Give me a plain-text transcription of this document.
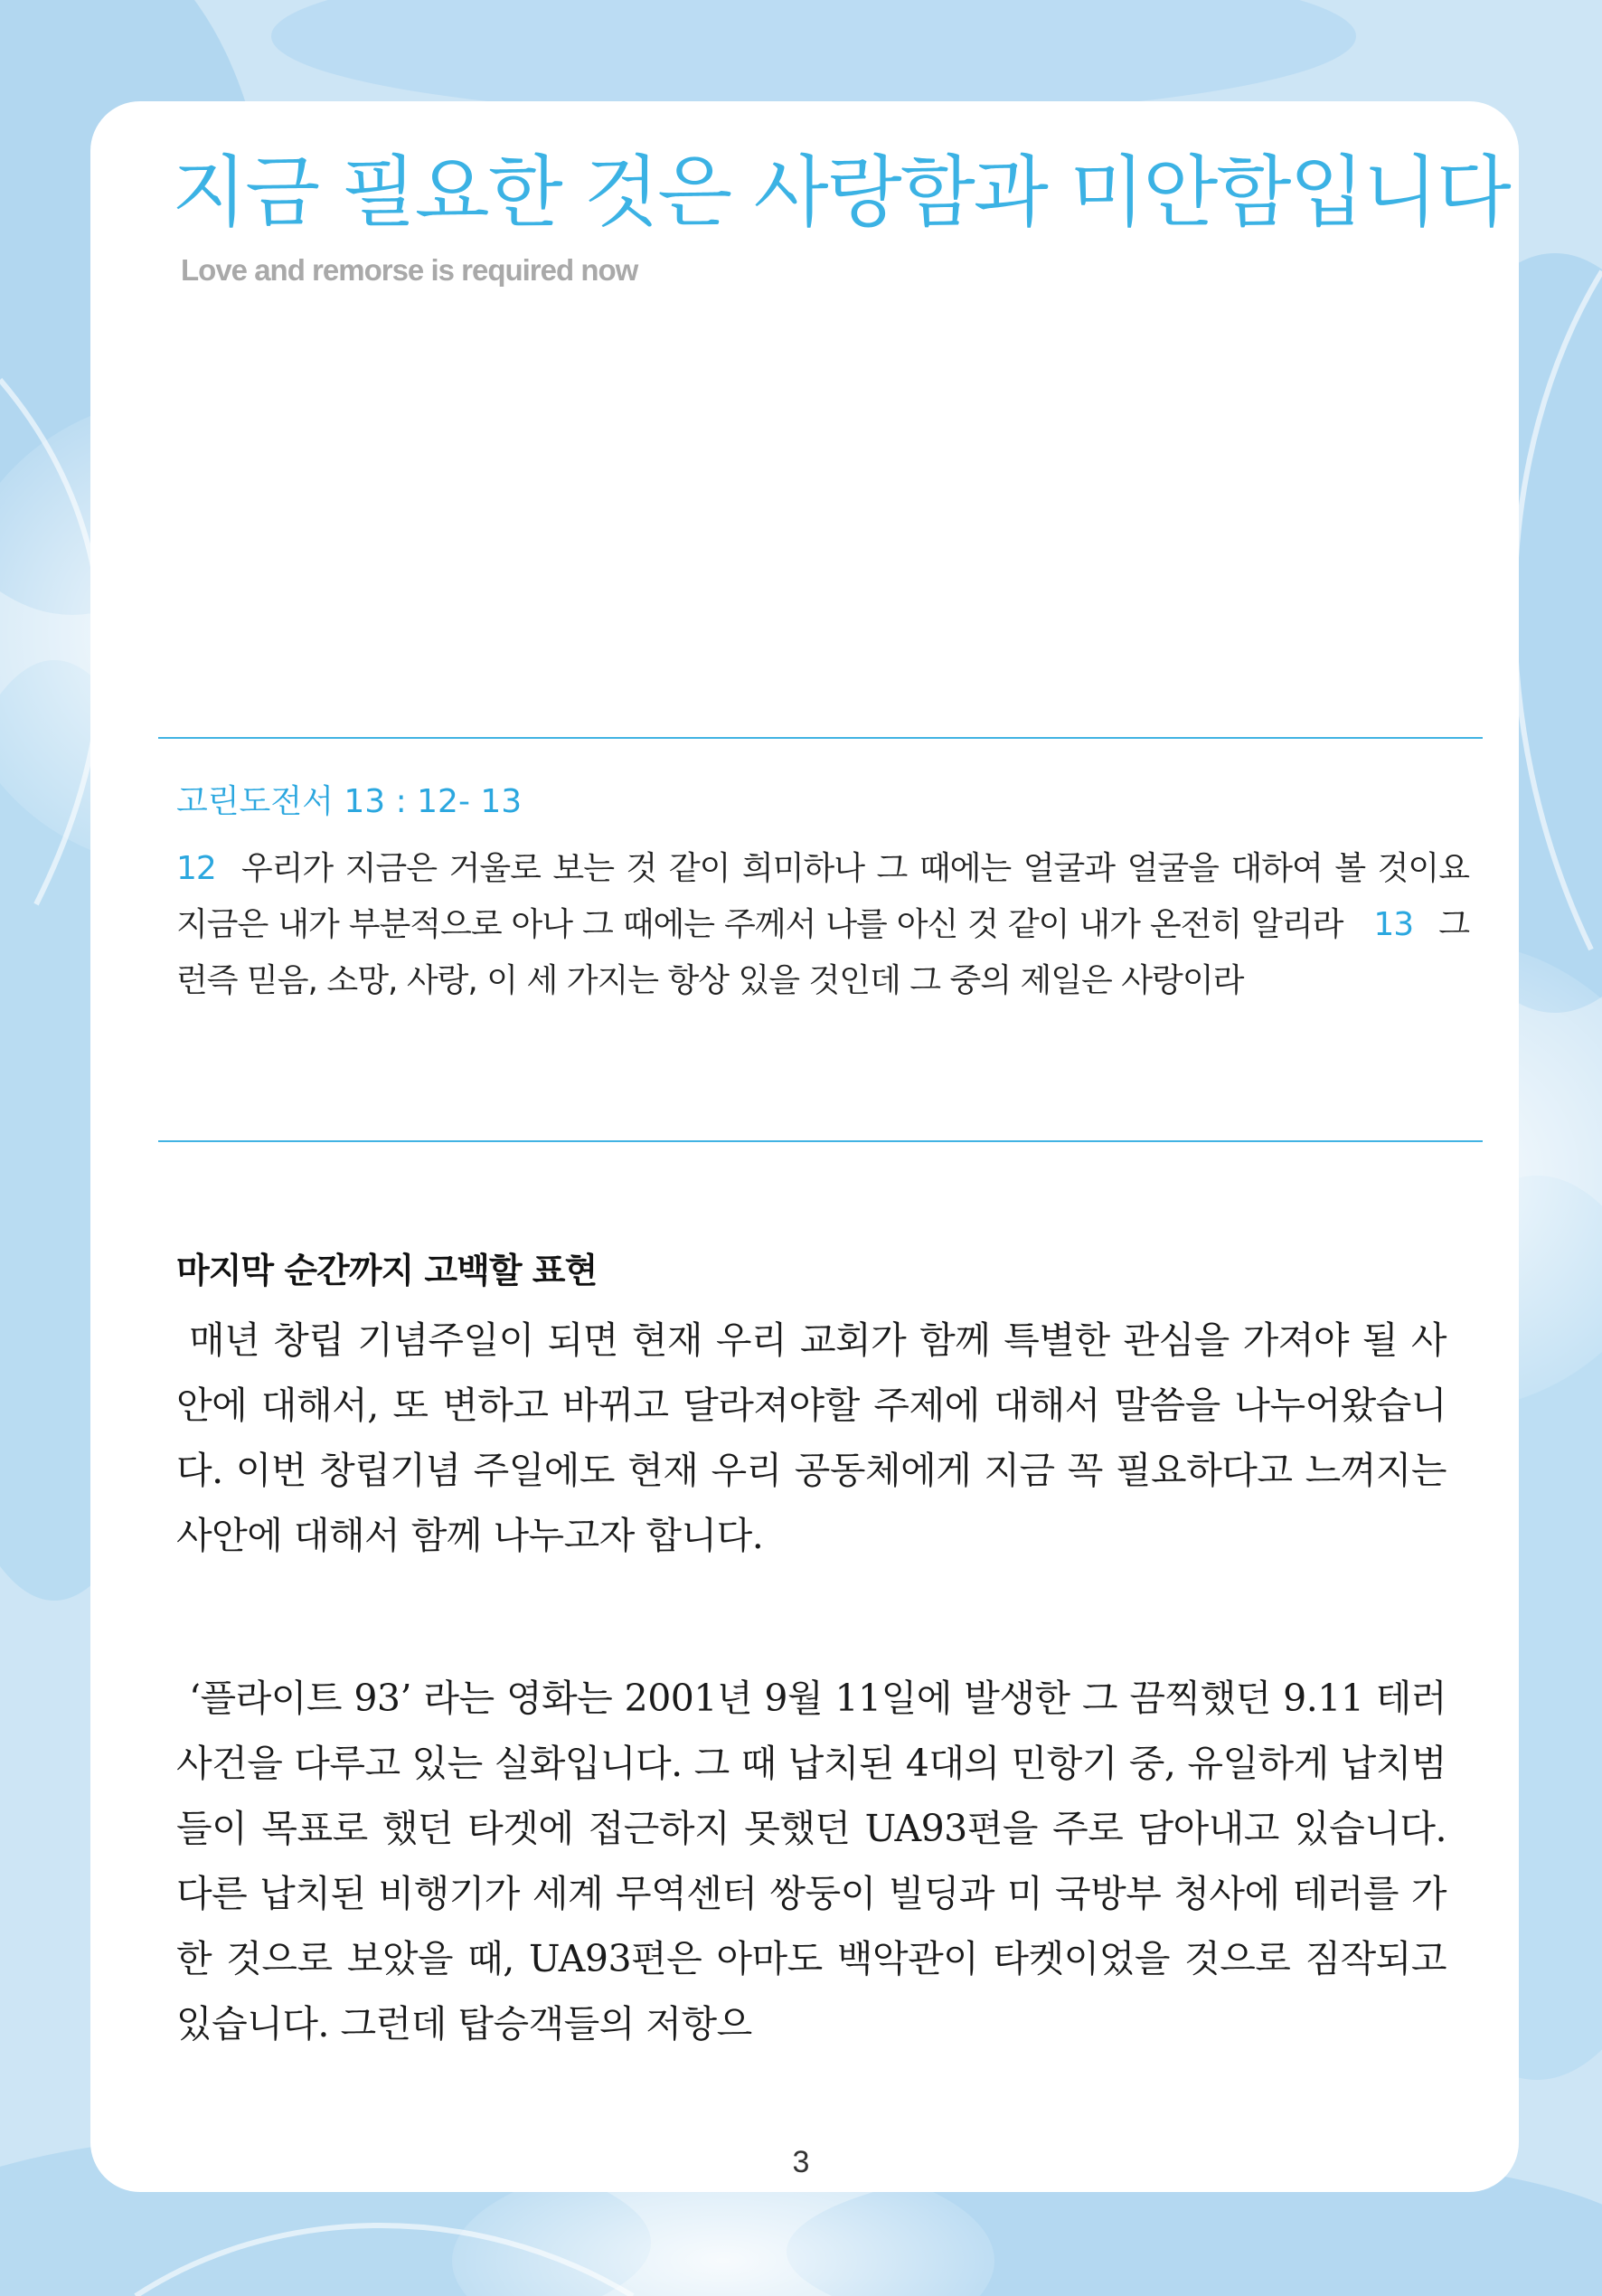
지금 필요한 것은 사랑함과 미안함입니다

Love and remorse is required now

고린도전서 13 : 12- 13

12 우리가 지금은 거울로 보는 것 같이 희미하나 그 때에는 얼굴과 얼굴을 대하여 볼 것이요 지금은 내가 부분적으로 아나 그 때에는 주께서 나를 아신 것 같이 내가 온전히 알리라 13 그런즉 믿음, 소망, 사랑, 이 세 가지는 항상 있을 것인데 그 중의 제일은 사랑이라

마지막 순간까지 고백할 표현

매년 창립 기념주일이 되면 현재 우리 교회가 함께 특별한 관심을 가져야 될 사안에 대해서, 또 변하고 바뀌고 달라져야할 주제에 대해서 말씀을 나누어왔습니다. 이번 창립기념 주일에도 현재 우리 공동체에게 지금 꼭 필요하다고 느껴지는 사안에 대해서 함께 나누고자 합니다.

‘플라이트 93’ 라는 영화는 2001년 9월 11일에 발생한 그 끔찍했던 9.11 테러사건을 다루고 있는 실화입니다. 그 때 납치된 4대의 민항기 중, 유일하게 납치범들이 목표로 했던 타겟에 접근하지 못했던 UA93편을 주로 담아내고 있습니다. 다른 납치된 비행기가 세계 무역센터 쌍둥이 빌딩과 미 국방부 청사에 테러를 가한 것으로 보았을 때, UA93편은 아마도 백악관이 타켓이었을 것으로 짐작되고 있습니다. 그런데 탑승객들의 저항으

3
